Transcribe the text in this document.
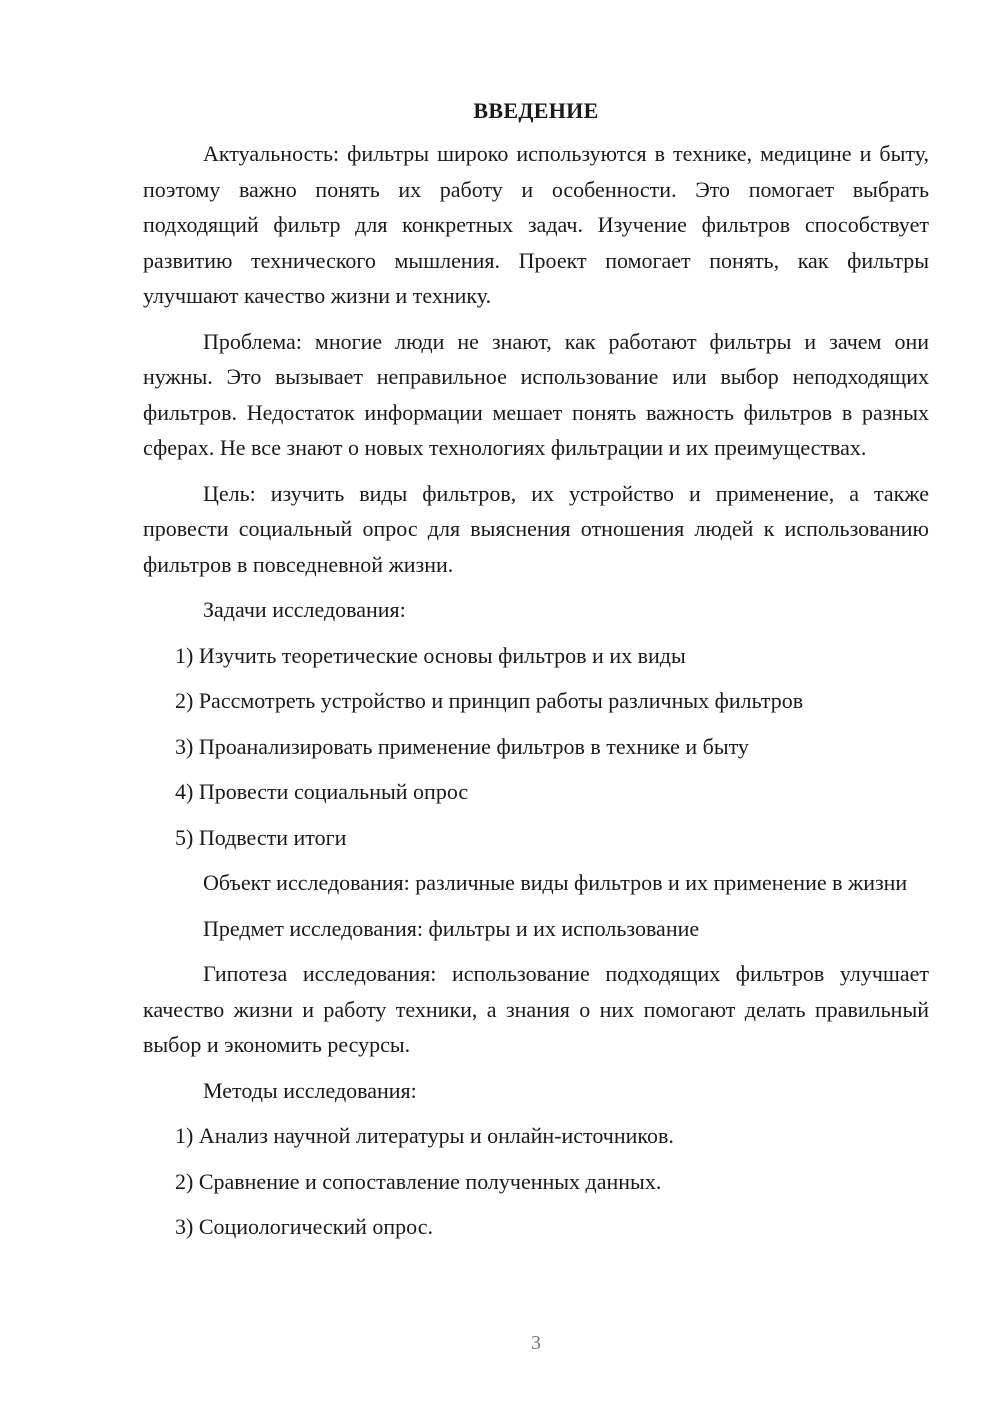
ВВЕДЕНИЕ
Актуальность: фильтры широко используются в технике, медицине и быту, поэтому важно понять их работу и особенности. Это помогает выбрать подходящий фильтр для конкретных задач. Изучение фильтров способствует развитию технического мышления. Проект помогает понять, как фильтры улучшают качество жизни и технику.
Проблема: многие люди не знают, как работают фильтры и зачем они нужны. Это вызывает неправильное использование или выбор неподходящих фильтров. Недостаток информации мешает понять важность фильтров в разных сферах. Не все знают о новых технологиях фильтрации и их преимуществах.
Цель: изучить виды фильтров, их устройство и применение, а также провести социальный опрос для выяснения отношения людей к использованию фильтров в повседневной жизни.
Задачи исследования:
1) Изучить теоретические основы фильтров и их виды
2) Рассмотреть устройство и принцип работы различных фильтров
3) Проанализировать применение фильтров в технике и быту
4) Провести социальный опрос
5) Подвести итоги
Объект исследования: различные виды фильтров и их применение в жизни
Предмет исследования: фильтры и их использование
Гипотеза исследования: использование подходящих фильтров улучшает качество жизни и работу техники, а знания о них помогают делать правильный выбор и экономить ресурсы.
Методы исследования:
1) Анализ научной литературы и онлайн-источников.
2) Сравнение и сопоставление полученных данных.
3) Социологический опрос.
3
